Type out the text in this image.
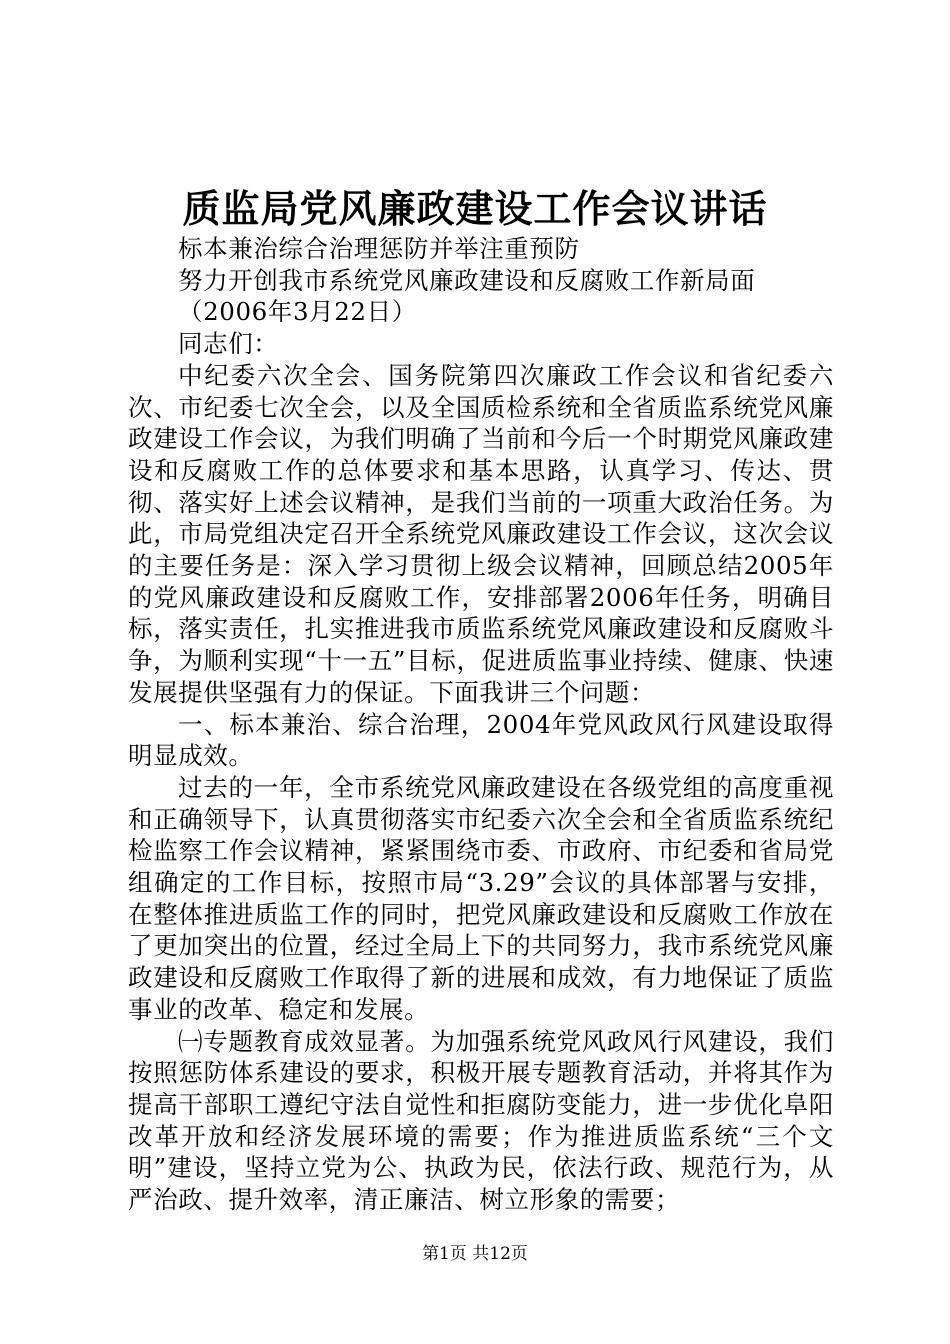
质监局党风廉政建设工作会议讲话

标本兼治综合治理惩防并举注重预防

努力开创我市系统党风廉政建设和反腐败工作新局面

（2006年3月22日）

同志们：

中纪委六次全会、国务院第四次廉政工作会议和省纪委六次、市纪委七次全会，以及全国质检系统和全省质监系统党风廉政建设工作会议，为我们明确了当前和今后一个时期党风廉政建设和反腐败工作的总体要求和基本思路，认真学习、传达、贯彻、落实好上述会议精神，是我们当前的一项重大政治任务。为此，市局党组决定召开全系统党风廉政建设工作会议，这次会议的主要任务是：深入学习贯彻上级会议精神，回顾总结2005年的党风廉政建设和反腐败工作，安排部署2006年任务，明确目标，落实责任，扎实推进我市质监系统党风廉政建设和反腐败斗争，为顺利实现“十一五”目标，促进质监事业持续、健康、快速发展提供坚强有力的保证。下面我讲三个问题：

一、标本兼治、综合治理，2004年党风政风行风建设取得明显成效。

过去的一年，全市系统党风廉政建设在各级党组的高度重视和正确领导下，认真贯彻落实市纪委六次全会和全省质监系统纪检监察工作会议精神，紧紧围绕市委、市政府、市纪委和省局党组确定的工作目标，按照市局“3.29”会议的具体部署与安排，在整体推进质监工作的同时，把党风廉政建设和反腐败工作放在了更加突出的位置，经过全局上下的共同努力，我市系统党风廉政建设和反腐败工作取得了新的进展和成效，有力地保证了质监事业的改革、稳定和发展。

㈠专题教育成效显著。为加强系统党风政风行风建设，我们按照惩防体系建设的要求，积极开展专题教育活动，并将其作为提高干部职工遵纪守法自觉性和拒腐防变能力，进一步优化阜阳改革开放和经济发展环境的需要；作为推进质监系统“三个文明”建设，坚持立党为公、执政为民，依法行政、规范行为，从严治政、提升效率，清正廉洁、树立形象的需要；

第1页 共12页
